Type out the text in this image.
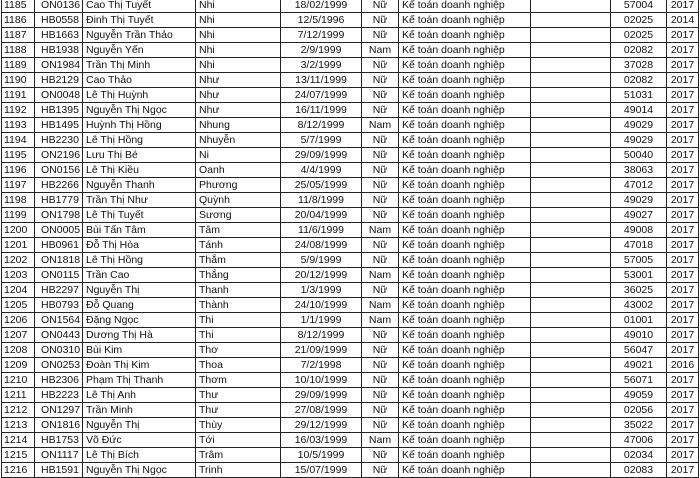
1185	ON0136	Cao Thị Tuyết	Nhi	18/02/1999	Nữ	Kế toán doanh nghiệp		57004	2017
1186	HB0558	Đinh Thị Tuyết	Nhi	12/5/1996	Nữ	Kế toán doanh nghiệp		02025	2014
1187	HB1663	Nguyễn Trần Thảo	Nhi	7/12/1999	Nữ	Kế toán doanh nghiệp		02025	2017
1188	HB1938	Nguyễn Yến	Nhi	2/9/1999	Nam	Kế toán doanh nghiệp		02082	2017
1189	ON1984	Trần Thị Minh	Nhi	3/2/1999	Nữ	Kế toán doanh nghiệp		37028	2017
1190	HB2129	Cao Thảo	Như	13/11/1999	Nữ	Kế toán doanh nghiệp		02082	2017
1191	ON0048	Lê Thị Huỳnh	Như	24/07/1999	Nữ	Kế toán doanh nghiệp		51031	2017
1192	HB1395	Nguyễn Thị Ngọc	Như	16/11/1999	Nữ	Kế toán doanh nghiệp		49014	2017
1193	HB1495	Huỳnh Thị Hồng	Nhung	8/12/1999	Nam	Kế toán doanh nghiệp		49029	2017
1194	HB2230	Lê Thị Hồng	Nhuyễn	5/7/1999	Nữ	Kế toán doanh nghiệp		49029	2017
1195	ON2196	Lưu Thị Bé	Ni	29/09/1999	Nữ	Kế toán doanh nghiệp		50040	2017
1196	ON0156	Lê Thị Kiều	Oanh	4/4/1999	Nữ	Kế toán doanh nghiệp		38063	2017
1197	HB2266	Nguyễn Thanh	Phương	25/05/1999	Nữ	Kế toán doanh nghiệp		47012	2017
1198	HB1779	Trần Thị Như	Quỳnh	11/8/1999	Nữ	Kế toán doanh nghiệp		49029	2017
1199	ON1798	Lê Thị Tuyết	Sương	20/04/1999	Nữ	Kế toán doanh nghiệp		49027	2017
1200	ON0005	Bùi Tấn Tâm	Tâm	11/6/1999	Nam	Kế toán doanh nghiệp		49008	2017
1201	HB0961	Đỗ Thị Hòa	Tánh	24/08/1999	Nữ	Kế toán doanh nghiệp		47018	2017
1202	ON1818	Lê Thị Hồng	Thắm	5/9/1999	Nữ	Kế toán doanh nghiệp		57005	2017
1203	ON0115	Trần Cao	Thắng	20/12/1999	Nam	Kế toán doanh nghiệp		53001	2017
1204	HB2297	Nguyễn Thị	Thanh	1/3/1999	Nữ	Kế toán doanh nghiệp		36025	2017
1205	HB0793	Đỗ Quang	Thành	24/10/1999	Nam	Kế toán doanh nghiệp		43002	2017
1206	ON1564	Đặng Ngọc	Thi	1/1/1999	Nam	Kế toán doanh nghiệp		01001	2017
1207	ON0443	Dương Thị Hà	Thi	8/12/1999	Nữ	Kế toán doanh nghiệp		49010	2017
1208	ON0310	Bùi Kim	Thơ	21/09/1999	Nữ	Kế toán doanh nghiệp		56047	2017
1209	ON0253	Đoàn Thị Kim	Thoa	7/2/1998	Nữ	Kế toán doanh nghiệp		49021	2016
1210	HB2306	Phạm Thị Thanh	Thơm	10/10/1999	Nữ	Kế toán doanh nghiệp		56071	2017
1211	HB2223	Lê Thị Anh	Thư	29/09/1999	Nữ	Kế toán doanh nghiệp		49059	2017
1212	ON1297	Trần Minh	Thư	27/08/1999	Nữ	Kế toán doanh nghiệp		02056	2017
1213	ON1816	Nguyễn Thị	Thùy	29/12/1999	Nữ	Kế toán doanh nghiệp		35022	2017
1214	HB1753	Võ Đức	Tới	16/03/1999	Nam	Kế toán doanh nghiệp		47006	2017
1215	ON1117	Lê Thị Bích	Trâm	10/5/1999	Nữ	Kế toán doanh nghiệp		02034	2017
1216	HB1591	Nguyễn Thị Ngọc	Trinh	15/07/1999	Nữ	Kế toán doanh nghiệp		02083	2017
